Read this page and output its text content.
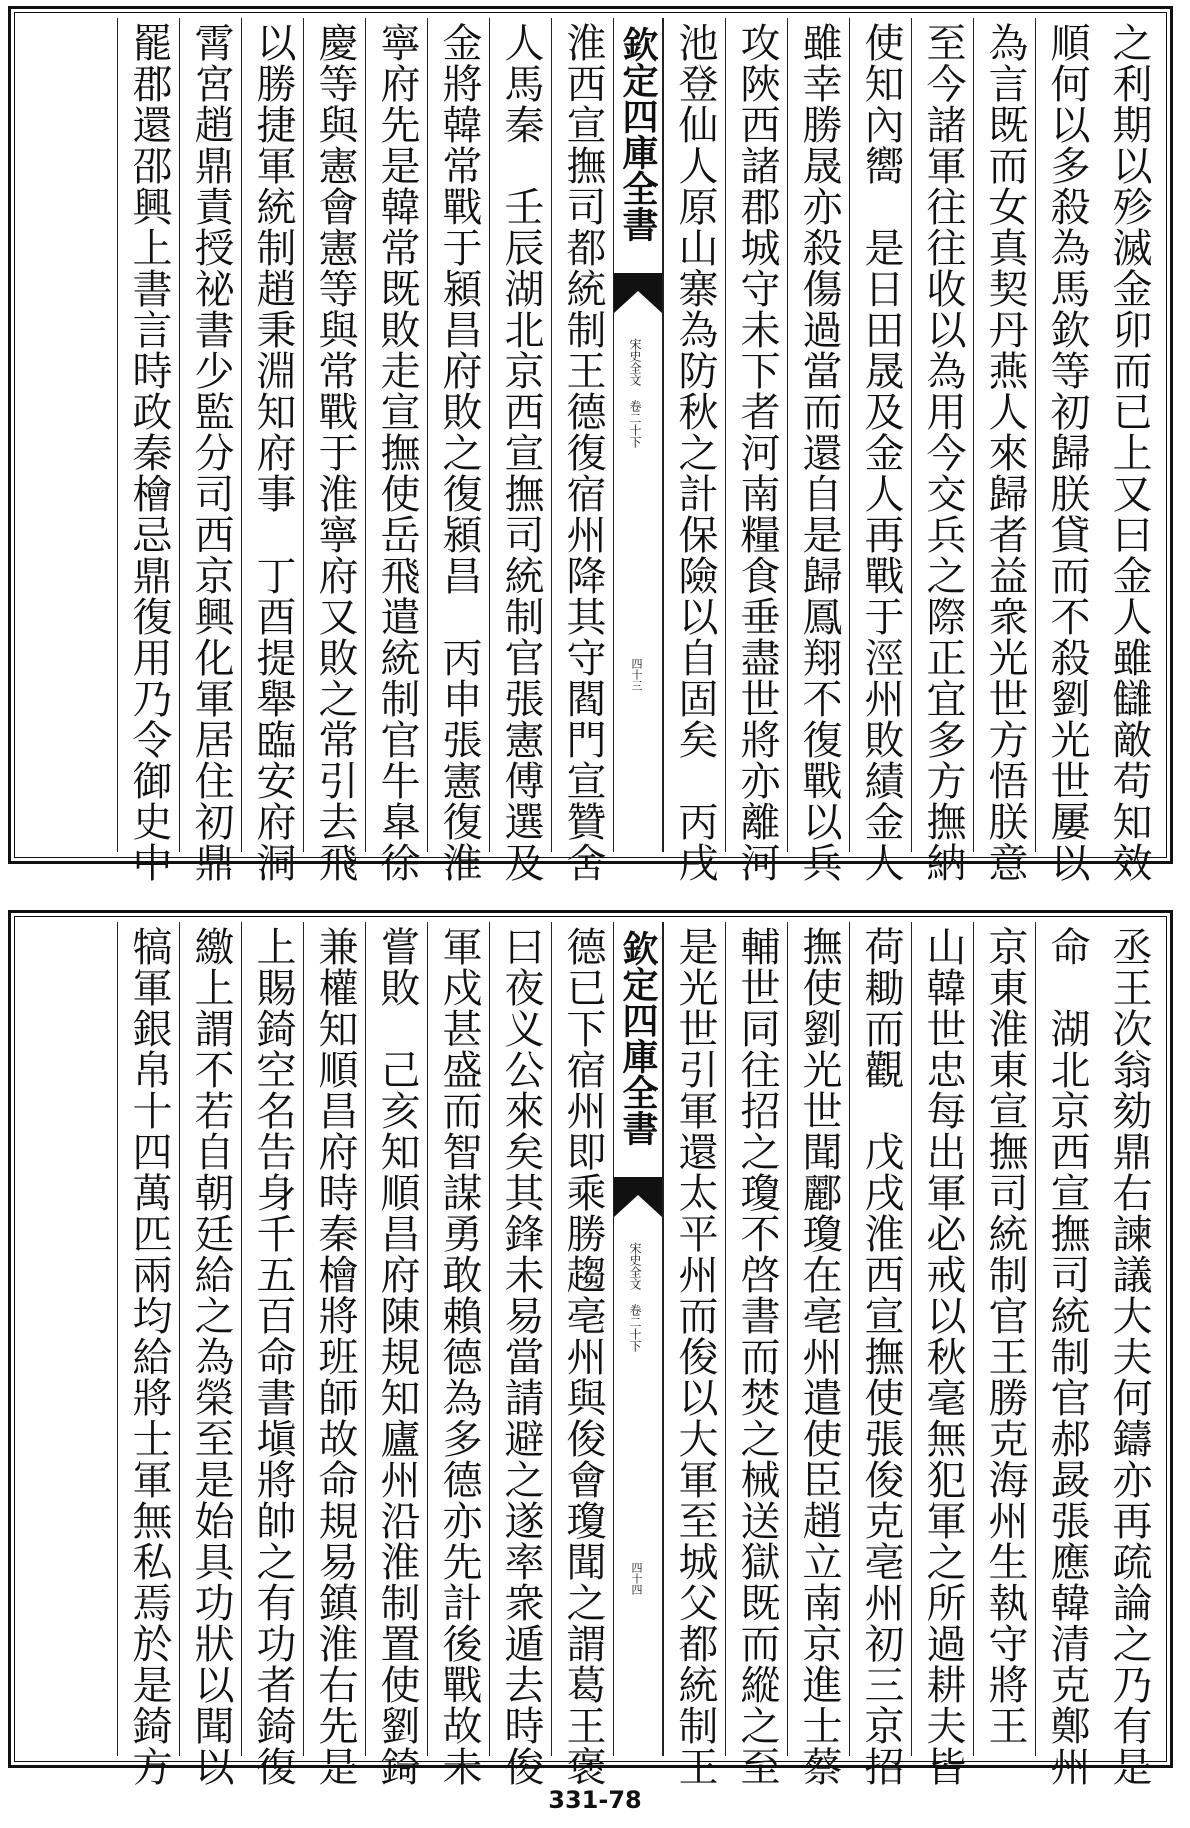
之利期以殄滅金卯而已上又曰金人雖讎敵苟知效
順何以多殺為馬欽等初歸朕貸而不殺劉光世屢以
為言既而女真契丹燕人來歸者益衆光世方悟朕意
至今諸軍往往收以為用今交兵之際正宜多方撫納
使知內嚮　是日田晟及金人再戰于涇州敗績金人
雖幸勝晟亦殺傷過當而還自是歸鳳翔不復戰以兵
攻陜西諸郡城守未下者河南糧食垂盡世將亦離河
池登仙人原山寨為防秋之計保險以自固矣　丙戌
欽定四庫全書
宋史全文 卷二十下
四十三
淮西宣撫司都統制王德復宿州降其守閻門宣贊舍
人馬秦　壬辰湖北京西宣撫司統制官張憲傅選及
金將韓常戰于潁昌府敗之復潁昌　丙申張憲復淮
寧府先是韓常既敗走宣撫使岳飛遣統制官牛臯徐
慶等與憲會憲等與常戰于淮寧府又敗之常引去飛
以勝捷軍統制趙秉淵知府事　丁酉提舉臨安府洞
霄宮趙鼎責授祕書少監分司西京興化軍居住初鼎
罷郡還邵興上書言時政秦檜忌鼎復用乃令御史中
丞王次翁劾鼎右諫議大夫何鑄亦再疏論之乃有是
命　湖北京西宣撫司統制官郝晸張應韓清克鄭州
京東淮東宣撫司統制官王勝克海州生執守將王
山韓世忠每出軍必戒以秋毫無犯軍之所過耕夫皆
荷耡而觀　戊戌淮西宣撫使張俊克亳州初三京招
撫使劉光世聞酈瓊在亳州遣使臣趙立南京進士蔡
輔世同往招之瓊不啓書而焚之械送獄既而縱之至
是光世引軍還太平州而俊以大軍至城父都統制王
欽定四庫全書
宋史全文 卷二十下
四十四
德已下宿州即乘勝趨亳州與俊會瓊聞之謂葛王褒
曰夜义公來矣其鋒未易當請避之遂率衆遁去時俊
軍戍甚盛而智謀勇敢賴德為多德亦先計後戰故未
嘗敗　己亥知順昌府陳規知廬州沿淮制置使劉錡
兼權知順昌府時秦檜將班師故命規易鎮淮右先是
上賜錡空名告身千五百命書塡將帥之有功者錡復
繳上謂不若自朝廷給之為榮至是始具功狀以聞以
犒軍銀帛十四萬匹兩均給將士軍無私焉於是錡方
331-78
